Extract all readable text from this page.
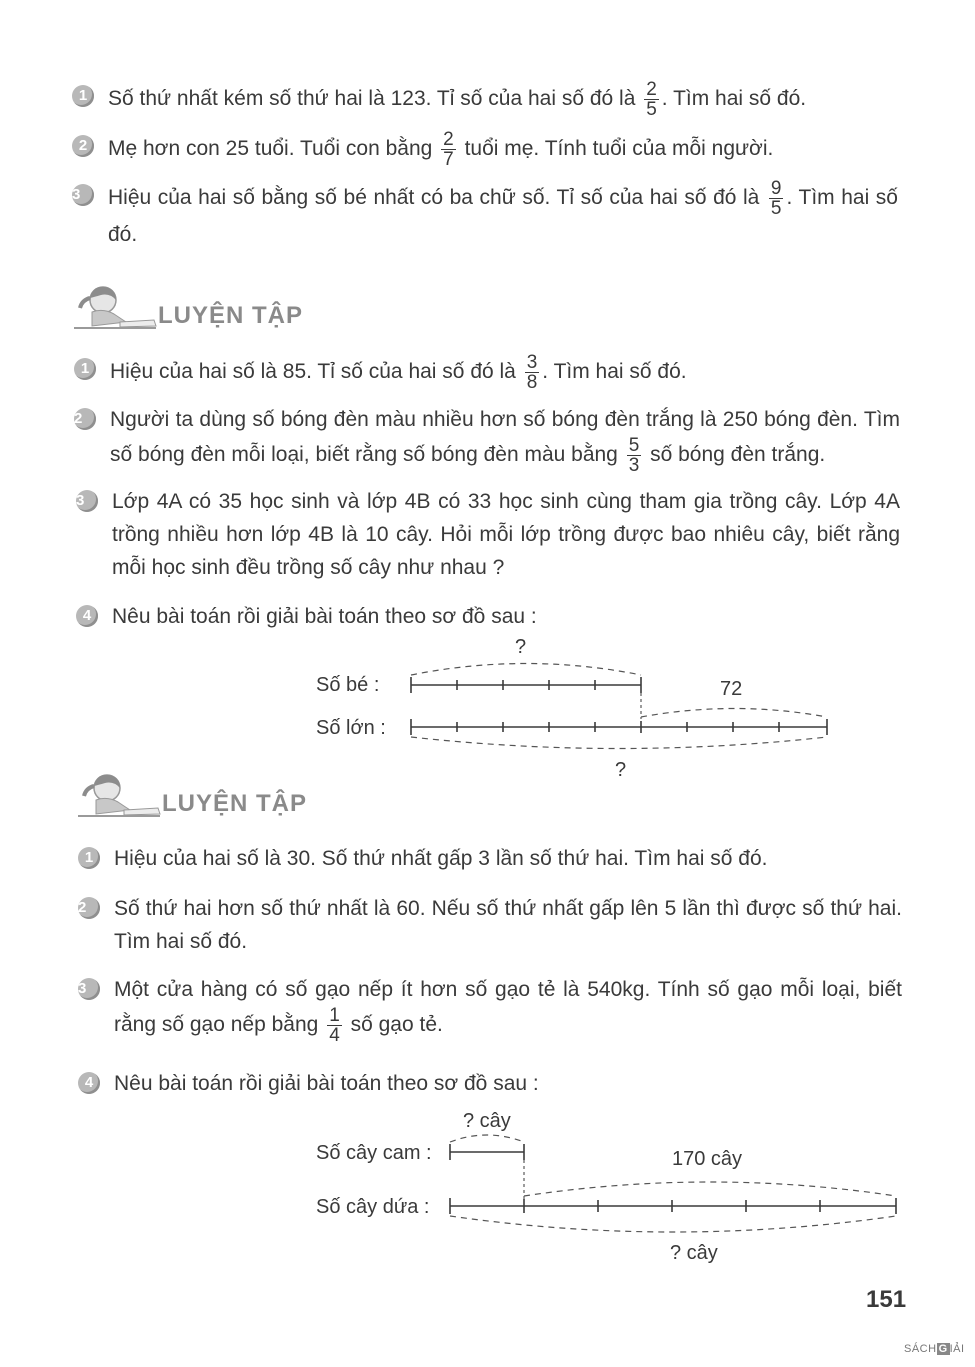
1 Số thứ nhất kém số thứ hai là 123. Tỉ số của hai số đó là $\frac{2}{5}$ . Tìm hai số đó.
2 Mẹ hơn con 25 tuổi. Tuổi con bằng $\frac{2}{7}$ tuổi mẹ. Tính tuổi của mỗi người.
3	Hiệu của hai số bằng số bé nhất có ba chữ số. Tỉ số của hai số đó là $\frac{9}{5}$ . Tìm hai số đó.
LUYỆN TẬP
1 Hiệu của hai số là 85. Tỉ số của hai số đó là $\frac{3}{8}$ . Tìm hai số đó.
2	Người ta dùng số bóng đèn màu nhiều hơn số bóng đèn trắng là 250 bóng đèn. Tìm số bóng đèn mỗi loại, biết rằng số bóng đèn màu bằng $\frac{5}{3}$ số bóng đèn trắng.
3	Lớp 4A có 35 học sinh và lớp 4B có 33 học sinh cùng tham gia trồng cây. Lớp 4A trồng nhiều hơn lớp 4B là 10 cây. Hỏi mỗi lớp trồng được bao nhiêu cây, biết rằng mỗi học sinh đều trồng số cây như nhau ?
4 Nêu bài toán rồi giải bài toán theo sơ đồ sau :
?
Số bé :	72
Số lớn :
?
LUYỆN TẬP
1 Hiệu của hai số là 30. Số thứ nhất gấp 3 lần số thứ hai. Tìm hai số đó.
2	Số thứ hai hơn số thứ nhất là 60. Nếu số thứ nhất gấp lên 5 lần thì được số thứ hai. Tìm hai số đó.
3	Một cửa hàng có số gạo nếp ít hơn số gạo tẻ là 540kg. Tính số gạo mỗi loại, biết rằng số gạo nếp bằng $\frac{1}{4}$ số gạo tẻ.
4 Nêu bài toán rồi giải bài toán theo sơ đồ sau :
? cây
Số cây cam :	170 cây
Số cây dứa :
? cây
151
SÁCH G IẢI
